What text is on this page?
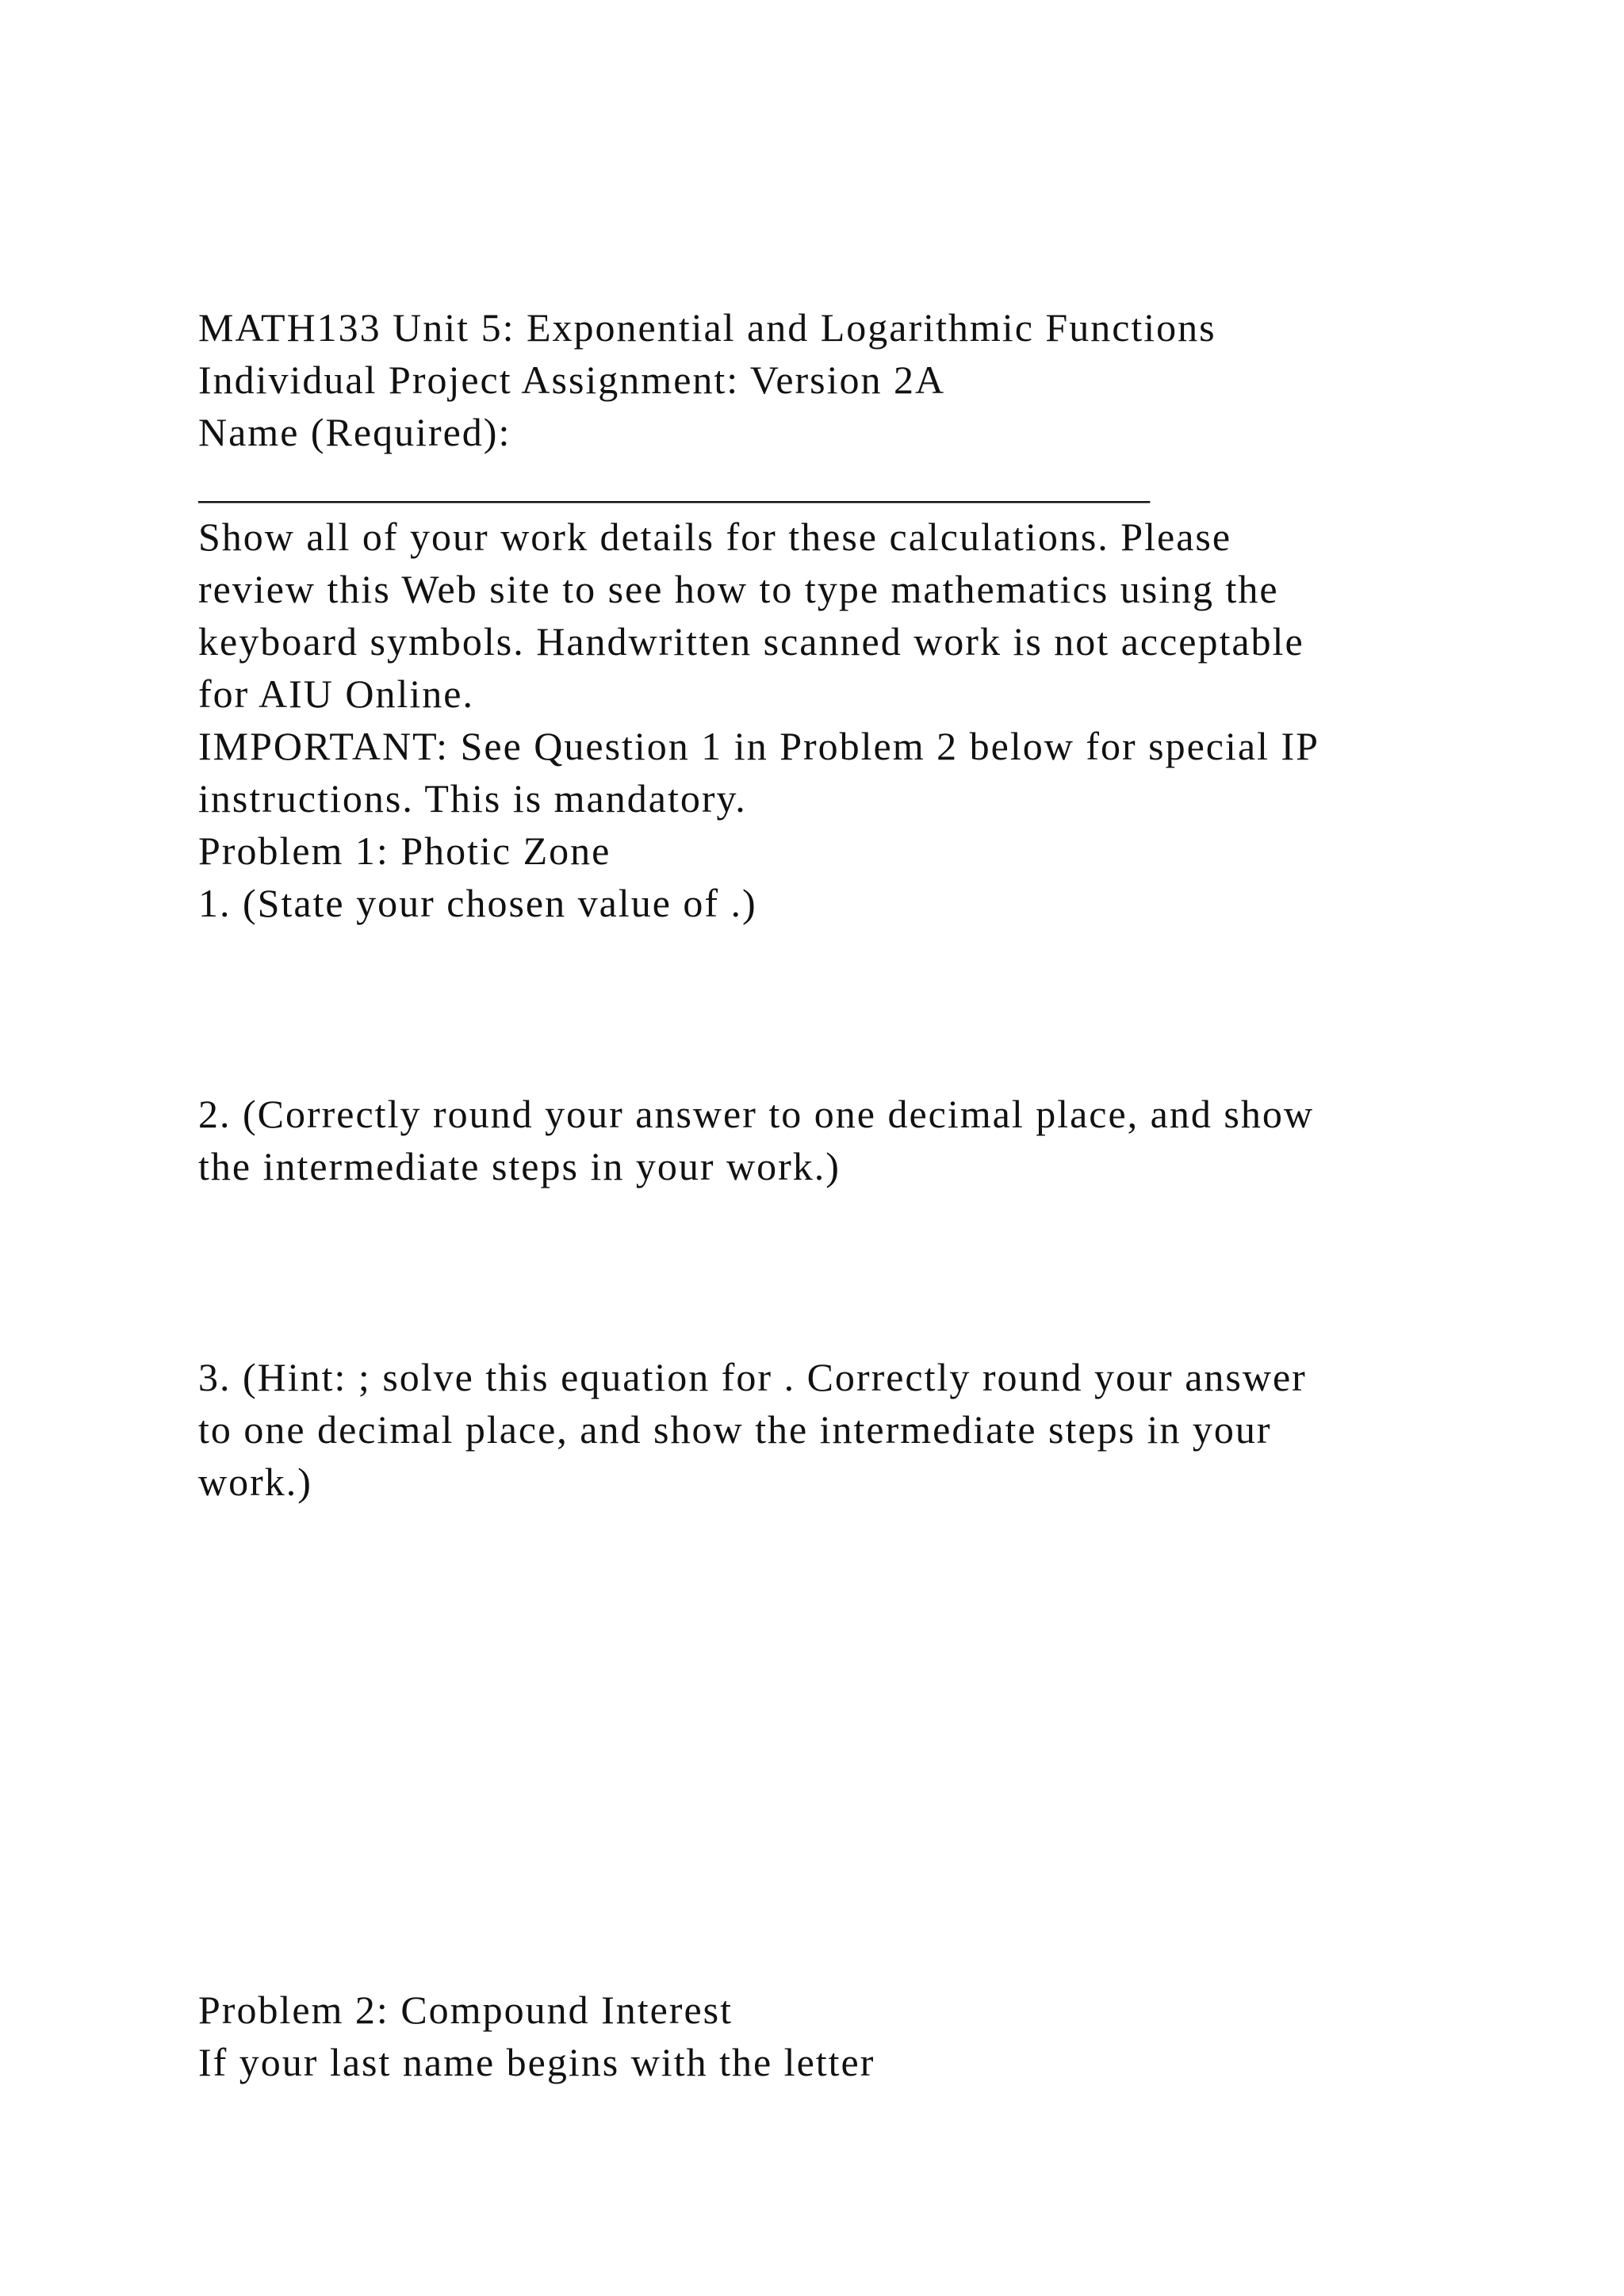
MATH133 Unit 5: Exponential and Logarithmic Functions
Individual Project Assignment: Version 2A
Name (Required):
________________________________________________
Show all of your work details for these calculations. Please
review this Web site to see how to type mathematics using the
keyboard symbols. Handwritten scanned work is not acceptable
for AIU Online.
IMPORTANT: See Question 1 in Problem 2 below for special IP
instructions. This is mandatory.
Problem 1: Photic Zone
1. (State your chosen value of .)
2. (Correctly round your answer to one decimal place, and show
the intermediate steps in your work.)
3. (Hint: ; solve this equation for . Correctly round your answer
to one decimal place, and show the intermediate steps in your
work.)
Problem 2: Compound Interest
If your last name begins with the letter
